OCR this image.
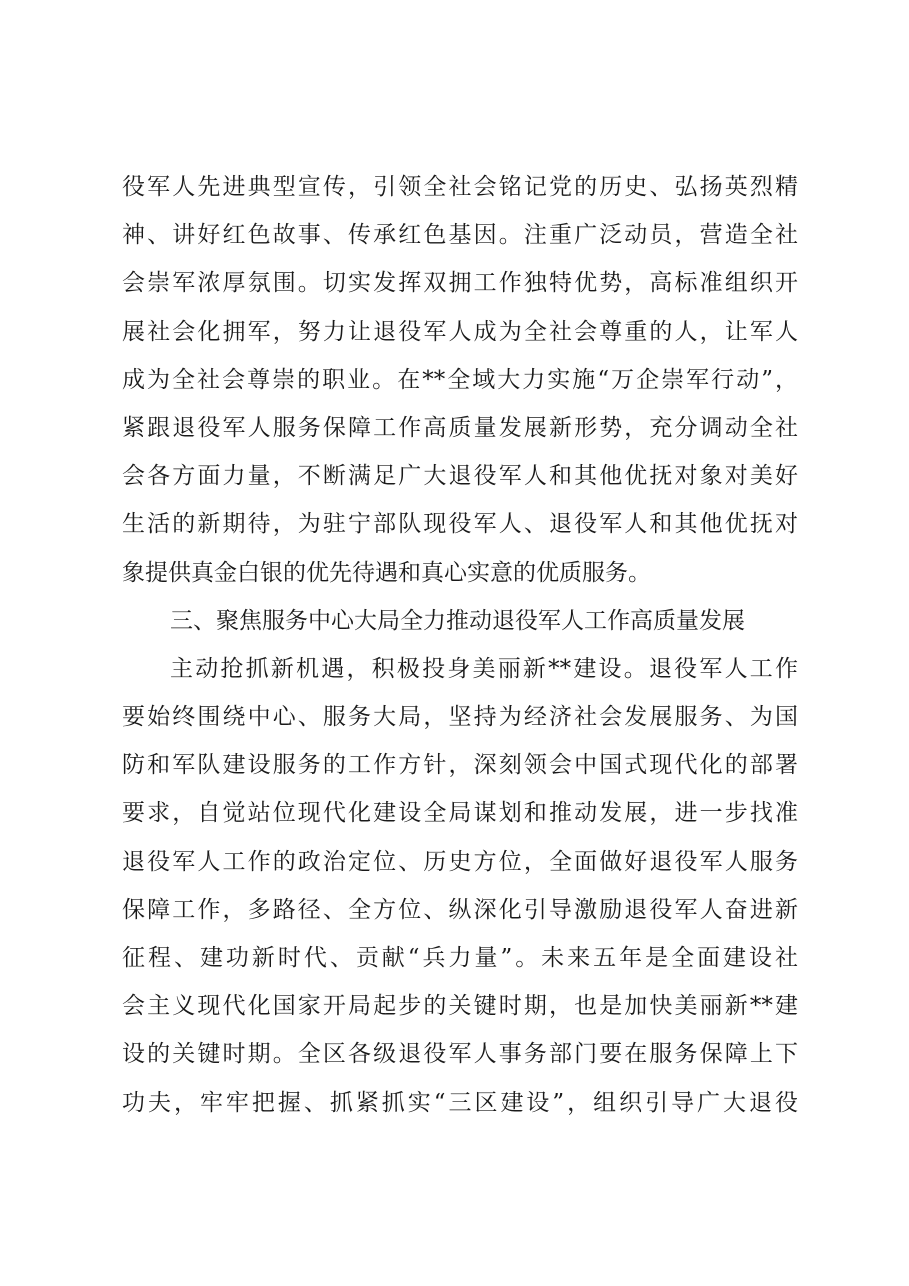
役军人先进典型宣传，引领全社会铭记党的历史、弘扬英烈精
神、讲好红色故事、传承红色基因。注重广泛动员，营造全社
会崇军浓厚氛围。切实发挥双拥工作独特优势，高标准组织开
展社会化拥军，努力让退役军人成为全社会尊重的人，让军人
成为全社会尊崇的职业。在**全域大力实施“万企崇军行动”，
紧跟退役军人服务保障工作高质量发展新形势，充分调动全社
会各方面力量，不断满足广大退役军人和其他优抚对象对美好
生活的新期待，为驻宁部队现役军人、退役军人和其他优抚对
象提供真金白银的优先待遇和真心实意的优质服务。
三、聚焦服务中心大局全力推动退役军人工作高质量发展
主动抢抓新机遇，积极投身美丽新**建设。退役军人工作
要始终围绕中心、服务大局，坚持为经济社会发展服务、为国
防和军队建设服务的工作方针，深刻领会中国式现代化的部署
要求，自觉站位现代化建设全局谋划和推动发展，进一步找准
退役军人工作的政治定位、历史方位，全面做好退役军人服务
保障工作，多路径、全方位、纵深化引导激励退役军人奋进新
征程、建功新时代、贡献“兵力量”。未来五年是全面建设社
会主义现代化国家开局起步的关键时期，也是加快美丽新**建
设的关键时期。全区各级退役军人事务部门要在服务保障上下
功夫，牢牢把握、抓紧抓实“三区建设”，组织引导广大退役
